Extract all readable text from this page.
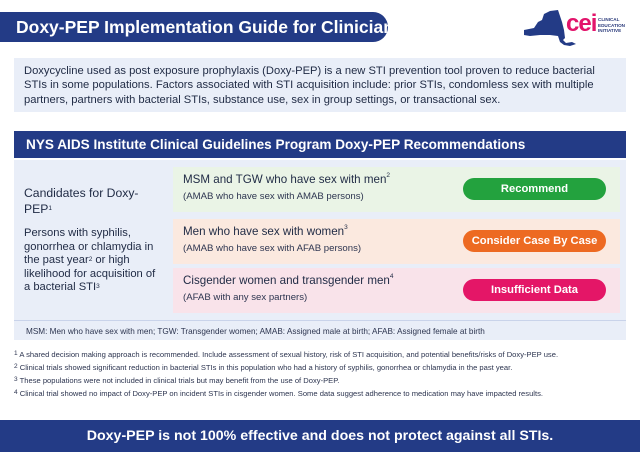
Doxy-PEP Implementation Guide for Clinicians	cei CLINICAL
EDUCATION
INITIATIVE
Doxycycline used as post exposure prophylaxis (Doxy-PEP) is a new STI prevention tool proven to reduce bacterial STIs in some populations. Factors associated with STI acquisition include: prior STIs, condomless sex with multiple partners, partners with bacterial STIs, substance use, sex in group settings, or transactional sex.
NYS AIDS Institute Clinical Guidelines Program Doxy-PEP Recommendations
Candidates for Doxy-PEP$^1$
Persons with syphilis, gonorrhea or chlamydia in the past year$^2$ or high likelihood for acquisition of a bacterial STI$^3$
MSM and TGW who have sex with men$^2$
(AMAB who have sex with AMAB persons)
Recommend
Men who have sex with women$^3$
(AMAB who have sex with AFAB persons)
Consider Case By Case
Cisgender women and transgender men$^4$
(AFAB with any sex partners)
Insufficient Data
MSM: Men who have sex with men; TGW: Transgender women; AMAB: Assigned male at birth; AFAB: Assigned female at birth
$^1$ A shared decision making approach is recommended. Include assessment of sexual history, risk of STI acquisition, and potential benefits/risks of Doxy-PEP use.
$^2$ Clinical trials showed significant reduction in bacterial STIs in this population who had a history of syphilis, gonorrhea or chlamydia in the past year.
$^3$ These populations were not included in clinical trials but may benefit from the use of Doxy-PEP.
$^4$ Clinical trial showed no impact of Doxy-PEP on incident STIs in cisgender women. Some data suggest adherence to medication may have impacted results.
Doxy-PEP is not 100% effective and does not protect against all STIs.
